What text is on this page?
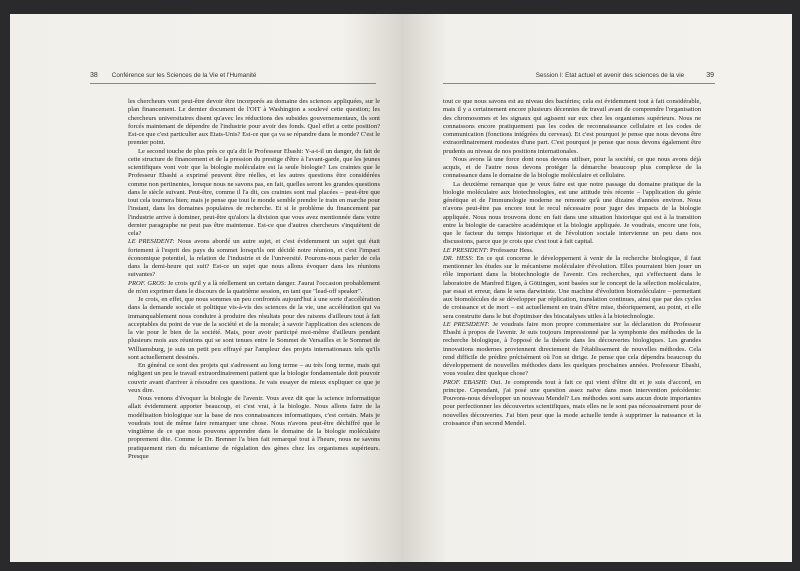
38 Conférence sur les Sciences de la Vie et l'Humanité

les chercheurs vont peut-être devoir être incorporés au domaine des sciences appliquées, sur le plan financement. Le dernier document de l'OIT à Washington a soulevé cette question; les chercheurs universitaires disent qu'avec les réductions des subsides gouvernementaux, ils sont forcés maintenant de dépendre de l'industrie pour avoir des fonds. Quel effet a cette position? Est-ce que c'est particulier aux Etats-Unis? Est-ce que ça va se répandre dans le monde? C'est le premier point.

Le second touche de plus près ce qu'a dit le Professeur Ebashi: Y-a-t-il un danger, du fait de cette structure de financement et de la pression du prestige d'être à l'avant-garde, que les jeunes scientifiques vont voir que la biologie moléculaire est la seule biologie? Les craintes que le Professeur Ebashi a exprimé peuvent être réelles, et les autres questions être considérées comme non pertinentes, lorsque nous ne savons pas, en fait, quelles seront les grandes questions dans le siècle suivant. Peut-être, comme il l'a dit, ces craintes sont mal placées – peut-être que tout cela tournera bien; mais je pense que tout le monde semble prendre le train en marche pour l'instant, dans les domaines populaires de recherche. Et si le problème du financement par l'industrie arrive à dominer, peut-être qu'alors la division que vous avez mentionnée dans votre dernier paragraphe ne peut pas être maintenue. Est-ce que d'autres chercheurs s'inquiètent de cela?

LE PRESIDENT: Nous avons abordé un autre sujet, et c'est évidemment un sujet qui était fortement à l'esprit des pays du sommet lorsqu'ils ont décidé notre réunion, et c'est l'impact économique potentiel, la relation de l'industrie et de l'université. Pourons-nous parler de cela dans la demi-heure qui suit? Est-ce un sujet que nous allons évoquer dans les réunions suivantes?

PROF. GROS: Je crois qu'il y a là réellement un certain danger. J'aurai l'occasion probablement de m'en exprimer dans le discours de la quatrième session, en tant que "lead-off speaker".

Je crois, en effet, que nous sommes un peu confrontés aujourd'hui à une sorte d'accélération dans la demande sociale et politique vis-à-vis des sciences de la vie, une accélération qui va immanquablement nous conduire à produire des résultats pour des raisons d'ailleurs tout à fait acceptables du point de vue de la société et de la morale; à savoir l'application des sciences de la vie pour le bien de la société. Mais, pour avoir participé moi-même d'ailleurs pendant plusieurs mois aux réunions qui se sont tenues entre le Sommet de Versailles et le Sommet de Williamsburg, je suis un petit peu effrayé par l'ampleur des projets internationaux tels qu'ils sont actuellement dessinés.

En général ce sont des projets qui s'adressent au long terme – au très long terme, mais qui négligent un peu le travail extraordinairement patient que la biologie fondamentale doit pouvoir couvrir avant d'arriver à résoudre ces questions. Je vais essayer de mieux expliquer ce que je veux dire.

Nous venons d'évoquer la biologie de l'avenir. Vous avez dit que la science informatique allait évidemment apporter beaucoup, et c'est vrai, à la biologie. Nous allons faire de la modélisation biologique sur la base de nos connaissances informatiques, c'est certain. Mais je voudrais tout de même faire remarquer une chose. Nous n'avons peut-être déchiffré que le vingtième de ce que nous pouvons apprendre dans le domaine de la biologie moléculaire proprement dite. Comme le Dr. Brenner l'a bien fait remarqué tout à l'heure, nous ne savons pratiquement rien du mécanisme de régulation des gènes chez les organismes supérieurs. Presque

Session I: Etat actuel et avenir des sciences de la vie	39

tout ce que nous savons est au niveau des bactéries; cela est évidemment tout à fait considérable, mais il y a certainement encore plusieurs décennies de travail avant de comprendre l'organisation des chromosomes et les signaux qui agissent sur eux chez les organismes supérieurs. Nous ne connaissons encore pratiquement pas les codes de reconnaissance cellulaire et les codes de communication (fonctions intégrées du cerveau). Et c'est pourquoi je pense que nous devons être extraordinairement modestes d'une part. C'est pourquoi je pense que nous devons également être prudents au niveau de nos positions internationales.

Nous avons là une force dont nous devons utiliser, pour la société, ce que nous avons déjà acquis, et de l'autre nous devons protéger la démarche beaucoup plus complexe de la connaissance dans le domaine de la biologie moléculaire et cellulaire.

La deuxième remarque que je veux faire est que notre passage du domaine pratique de la biologie moléculaire aux biotechnologies, est une attitude très récente – l'application du génie génétique et de l'immunologie moderne ne remonte qu'à une dizaine d'années environ. Nous n'avons peut-être pas encore tout le recul nécessaire pour juger des impacts de la biologie appliquée. Nous nous trouvons donc en fait dans une situation historique qui est à la transition entre la biologie de caractère académique et la biologie appliquée. Je voudrais, encore une fois, que le facteur du temps historique et de l'évolution sociale intervienne un peu dans nos discussions, parce que je crois que c'est tout à fait capital.

LE PRESIDENT: Professeur Hess.

DR. HESS: En ce qui concerne le développement à venir de la recherche biologique, il faut mentionner les études sur le mécanisme moléculaire d'évolution. Elles pourraient bien jouer un rôle important dans la biotechnologie de l'avenir. Ces recherches, qui s'effectuent dans le laboratoire de Manfred Eigen, à Göttingen, sont basées sur le concept de la sélection moléculaire, par essai et erreur, dans le sens darwiniste. Une machine d'évolution biomoléculaire – permettant aux biomolécules de se développer par réplication, translation continues, ainsi que par des cycles de croissance et de mort – est actuellement en train d'être mise, théoriquement, au point, et elle sera construite dans le but d'optimiser des biocatalyses utiles à la biotechnologie.

LE PRESIDENT: Je voudrais faire mon propre commentaire sur la déclaration du Professeur Ebashi à propos de l'avenir. Je suis toujours impressionné par la symphonie des méthodes de la recherche biologique, à l'opposé de la théorie dans les découvertes biologiques. Les grandes innovations modernes proviennent directement de l'établissement de nouvelles méthodes. Cela rend difficile de prédire précisément où l'on se dirige. Je pense que cela dépendra beaucoup du développement de nouvelles méthodes dans les quelques prochaines années. Professeur Ebashi, vous voulez dire quelque chose?

PROF. EBASHI: Oui. Je comprends tout à fait ce qui vient d'être dit et je suis d'accord, en principe. Cependant, j'ai posé une question assez naïve dans mon intervention précédente: Pouvons-nous développer un nouveau Mendel? Les méthodes sont sans aucun doute importantes pour perfectionner les découvertes scientifiques, mais elles ne le sont pas nécessairement pour de nouvelles découvertes. J'ai bien peur que la mode actuelle tende à supprimer la naissance et la croissance d'un second Mendel.
